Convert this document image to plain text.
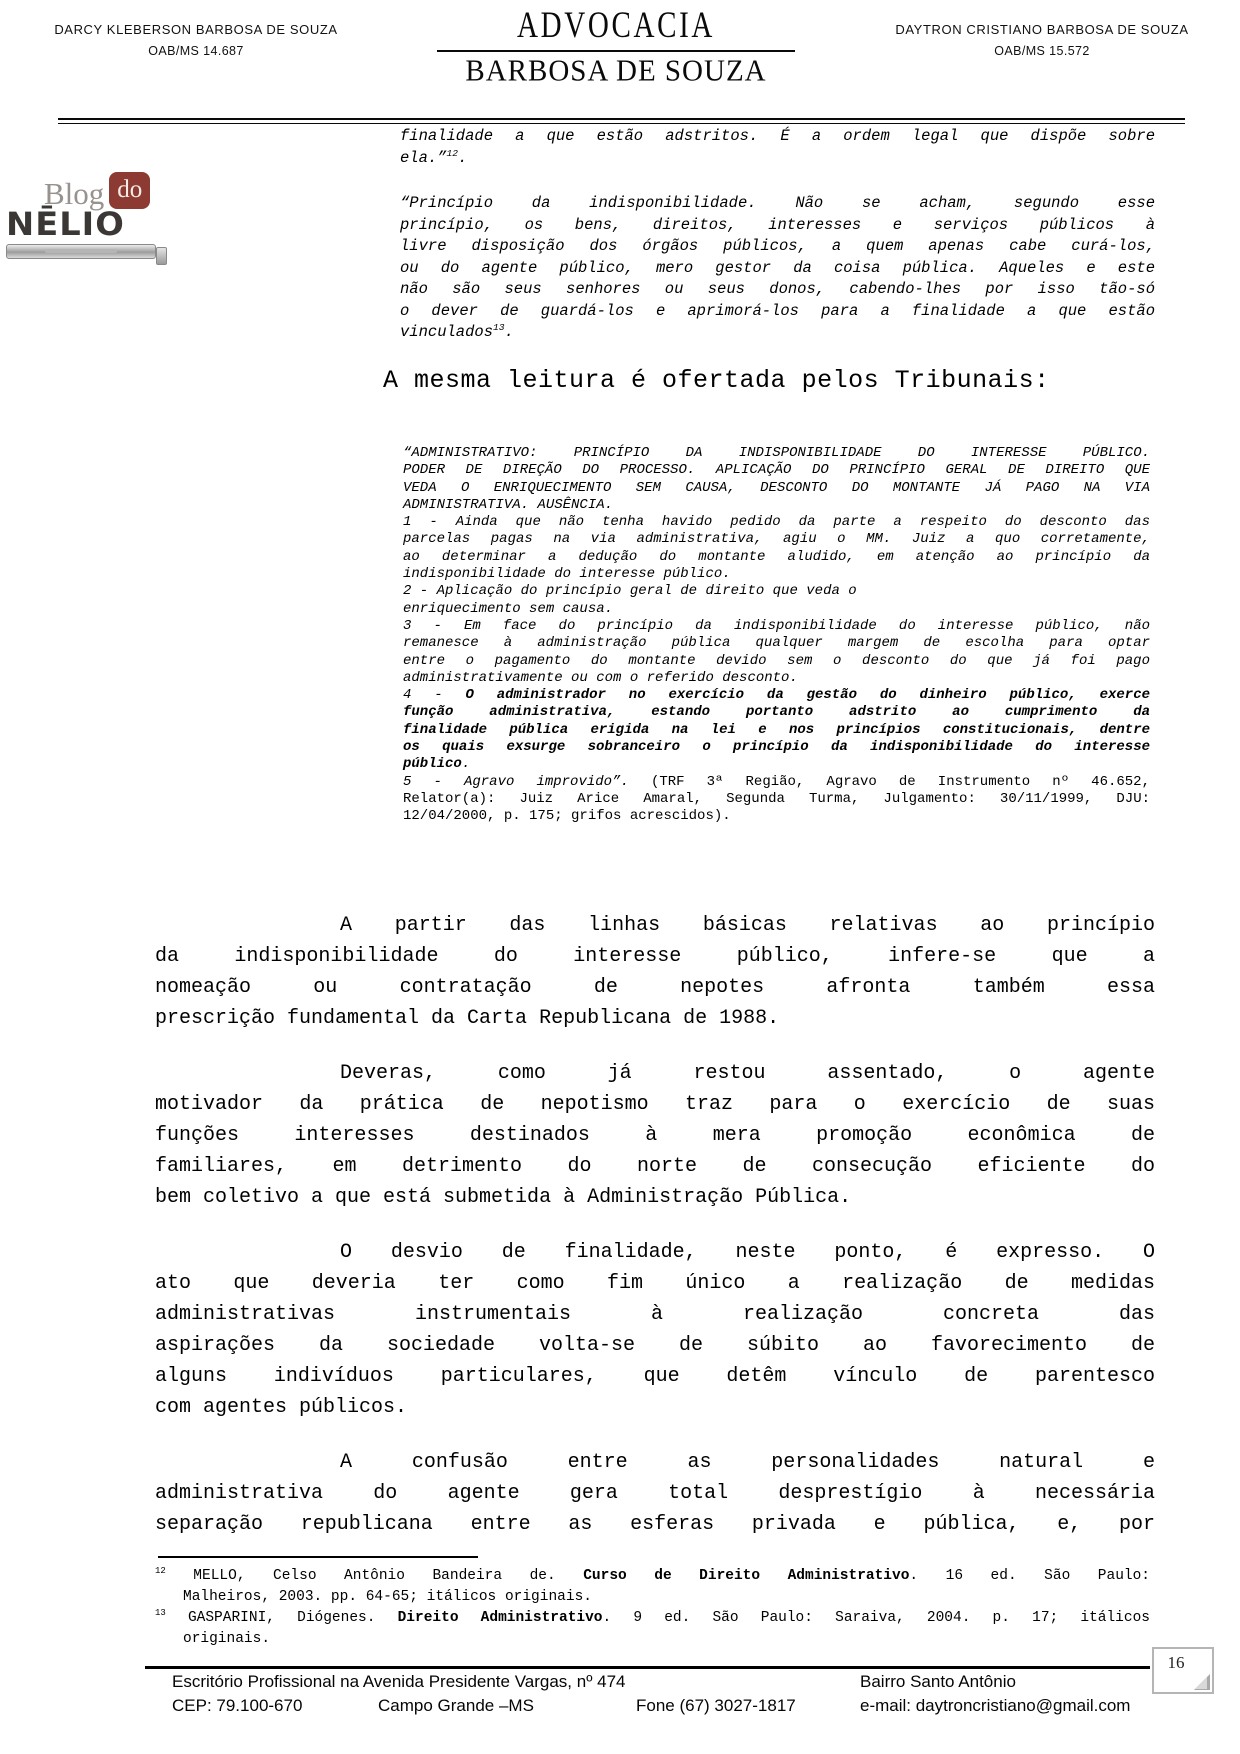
DARCY KLEBERSON BARBOSA DE SOUZA
OAB/MS 14.687
ADVOCACIA
BARBOSA DE SOUZA
DAYTRON CRISTIANO BARBOSA DE SOUZA
OAB/MS 15.572
Blog do
NĒLIO
finalidade a que estão adstritos. É a ordem legal que dispõe sobre
ela.”$^{12}$.
“Princípio da indisponibilidade. Não se acham, segundo esse
princípio, os bens, direitos, interesses e serviços públicos à
livre disposição dos órgãos públicos, a quem apenas cabe curá-los,
ou do agente público, mero gestor da coisa pública. Aqueles e este
não são seus senhores ou seus donos, cabendo-lhes por isso tão-só
o dever de guardá-los e aprimorá-los para a finalidade a que estão
vinculados$^{13}$.
A mesma leitura é ofertada pelos Tribunais:
“ADMINISTRATIVO: PRINCÍPIO DA INDISPONIBILIDADE DO INTERESSE PÚBLICO.
PODER DE DIREÇÃO DO PROCESSO. APLICAÇÃO DO PRINCÍPIO GERAL DE DIREITO QUE
VEDA O ENRIQUECIMENTO SEM CAUSA, DESCONTO DO MONTANTE JÁ PAGO NA VIA
ADMINISTRATIVA. AUSÊNCIA.
1 - Ainda que não tenha havido pedido da parte a respeito do desconto das
parcelas pagas na via administrativa, agiu o MM. Juiz a quo corretamente,
ao determinar a dedução do montante aludido, em atenção ao princípio da
indisponibilidade do interesse público.
2 - Aplicação do princípio geral de direito que veda o
enriquecimento sem causa.
3 - Em face do princípio da indisponibilidade do interesse público, não
remanesce à administração pública qualquer margem de escolha para optar
entre o pagamento do montante devido sem o desconto do que já foi pago
administrativamente ou com o referido desconto.
4 - O administrador no exercício da gestão do dinheiro público, exerce
função administrativa, estando portanto adstrito ao cumprimento da
finalidade pública erigida na lei e nos princípios constitucionais, dentre
os quais exsurge sobranceiro o princípio da indisponibilidade do interesse
público.
5 - Agravo improvido”. (TRF 3ª Região, Agravo de Instrumento nº 46.652,
Relator(a): Juiz Arice Amaral, Segunda Turma, Julgamento: 30/11/1999, DJU:
12/04/2000, p. 175; grifos acrescidos).
A partir das linhas básicas relativas ao princípio
da indisponibilidade do interesse público, infere-se que a
nomeação ou contratação de nepotes afronta também essa
prescrição fundamental da Carta Republicana de 1988.
Deveras, como já restou assentado, o agente
motivador da prática de nepotismo traz para o exercício de suas
funções interesses destinados à mera promoção econômica de
familiares, em detrimento do norte de consecução eficiente do
bem coletivo a que está submetida à Administração Pública.
O desvio de finalidade, neste ponto, é expresso. O
ato que deveria ter como fim único a realização de medidas
administrativas instrumentais à realização concreta das
aspirações da sociedade volta-se de súbito ao favorecimento de
alguns indivíduos particulares, que detêm vínculo de parentesco
com agentes públicos.
A confusão entre as personalidades natural e
administrativa do agente gera total desprestígio à necessária
separação republicana entre as esferas privada e pública, e, por
$^{12}$ MELLO, Celso Antônio Bandeira de. Curso de Direito Administrativo. 16 ed. São Paulo:
Malheiros, 2003. pp. 64-65; itálicos originais.
$^{13}$ GASPARINI, Diógenes. Direito Administrativo. 9 ed. São Paulo: Saraiva, 2004. p. 17; itálicos
originais.
Escritório Profissional na Avenida Presidente Vargas, nº 474	Bairro Santo Antônio
CEP: 79.100-670	Campo Grande –MS	Fone (67) 3027-1817	e-mail: daytroncristiano@gmail.com
16
